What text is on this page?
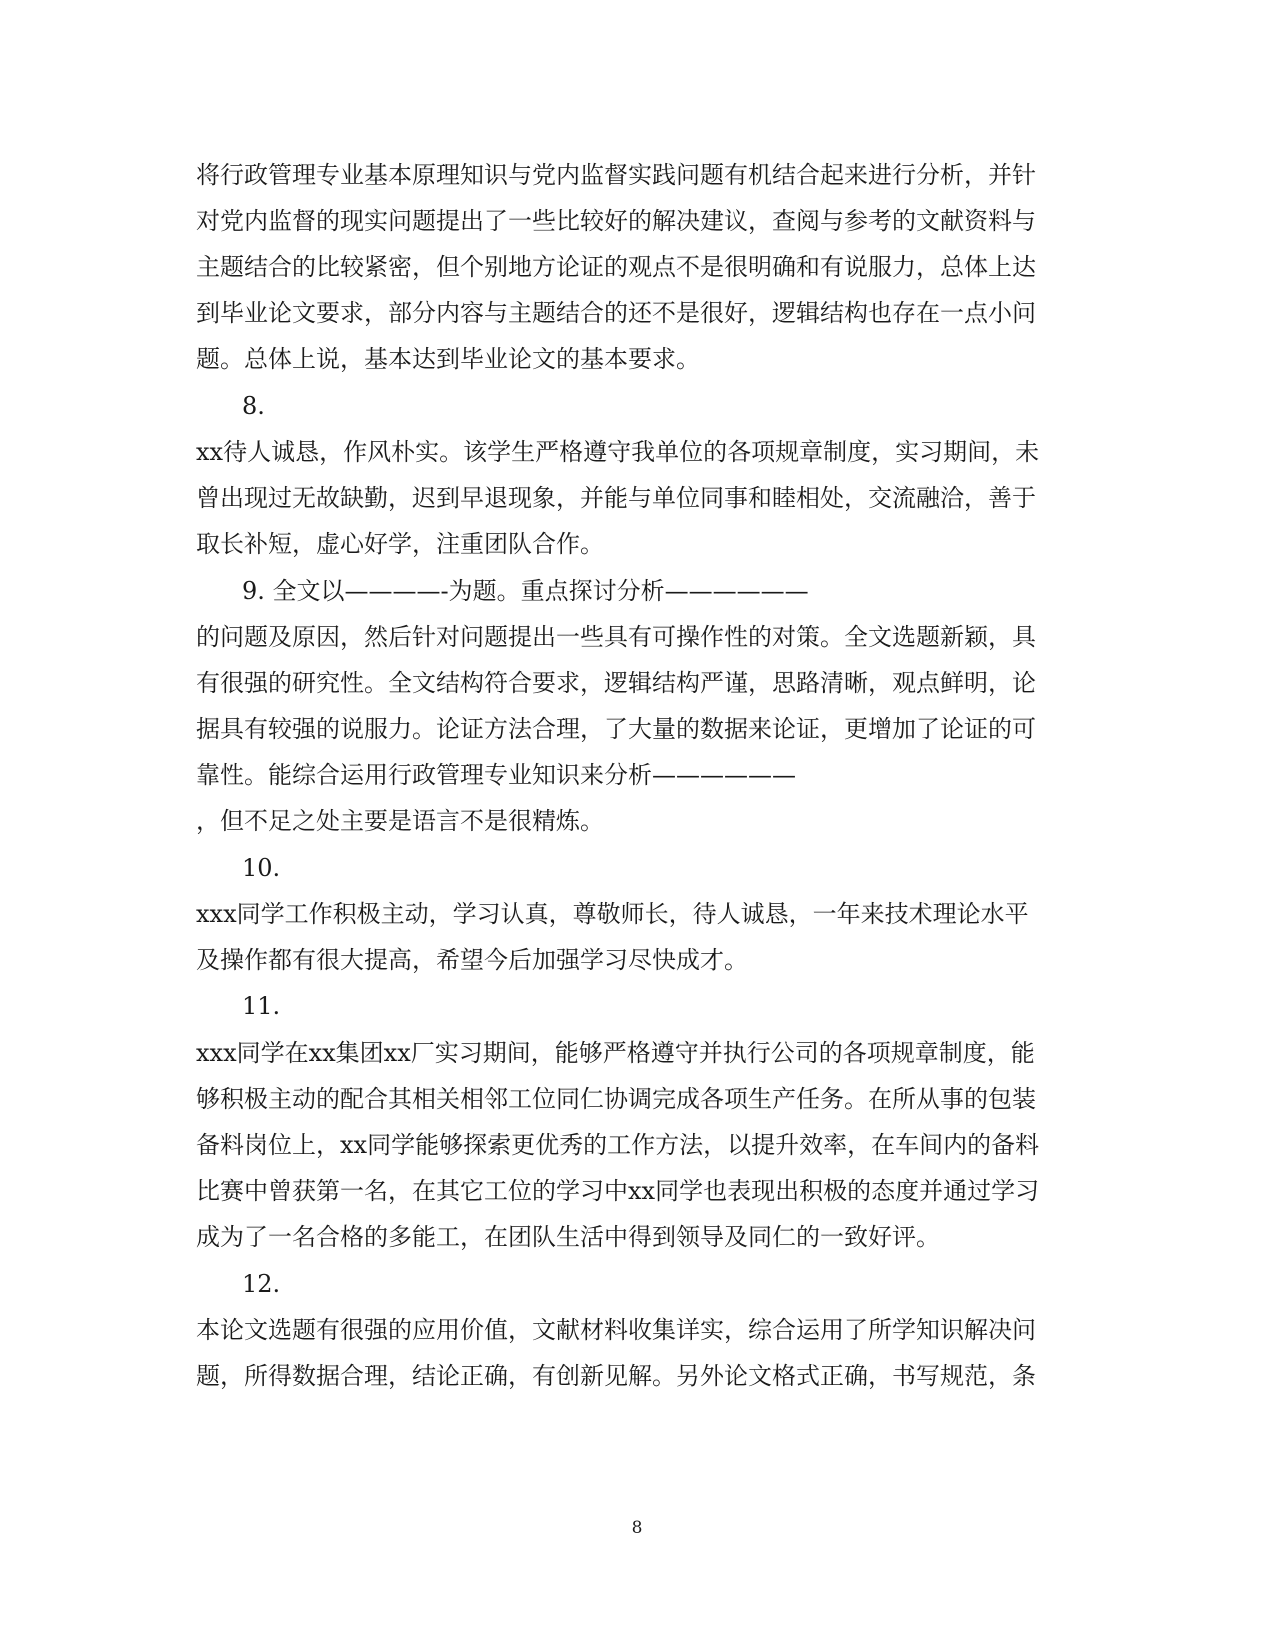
将行政管理专业基本原理知识与党内监督实践问题有机结合起来进行分析，并针
对党内监督的现实问题提出了一些比较好的解决建议，查阅与参考的文献资料与
主题结合的比较紧密，但个别地方论证的观点不是很明确和有说服力，总体上达
到毕业论文要求，部分内容与主题结合的还不是很好，逻辑结构也存在一点小问
题。总体上说，基本达到毕业论文的基本要求。
8.
xx待人诚恳，作风朴实。该学生严格遵守我单位的各项规章制度，实习期间，未
曾出现过无故缺勤，迟到早退现象，并能与单位同事和睦相处，交流融洽，善于
取长补短，虚心好学，注重团队合作。
9. 全文以————-为题。重点探讨分析——————
的问题及原因，然后针对问题提出一些具有可操作性的对策。全文选题新颖，具
有很强的研究性。全文结构符合要求，逻辑结构严谨，思路清晰，观点鲜明，论
据具有较强的说服力。论证方法合理，了大量的数据来论证，更增加了论证的可
靠性。能综合运用行政管理专业知识来分析——————
，但不足之处主要是语言不是很精炼。
10.
xxx同学工作积极主动，学习认真，尊敬师长，待人诚恳，一年来技术理论水平
及操作都有很大提高，希望今后加强学习尽快成才。
11.
xxx同学在xx集团xx厂实习期间，能够严格遵守并执行公司的各项规章制度，能
够积极主动的配合其相关相邻工位同仁协调完成各项生产任务。在所从事的包装
备料岗位上，xx同学能够探索更优秀的工作方法，以提升效率，在车间内的备料
比赛中曾获第一名，在其它工位的学习中xx同学也表现出积极的态度并通过学习
成为了一名合格的多能工，在团队生活中得到领导及同仁的一致好评。
12.
本论文选题有很强的应用价值，文献材料收集详实，综合运用了所学知识解决问
题，所得数据合理，结论正确，有创新见解。另外论文格式正确，书写规范，条
8
